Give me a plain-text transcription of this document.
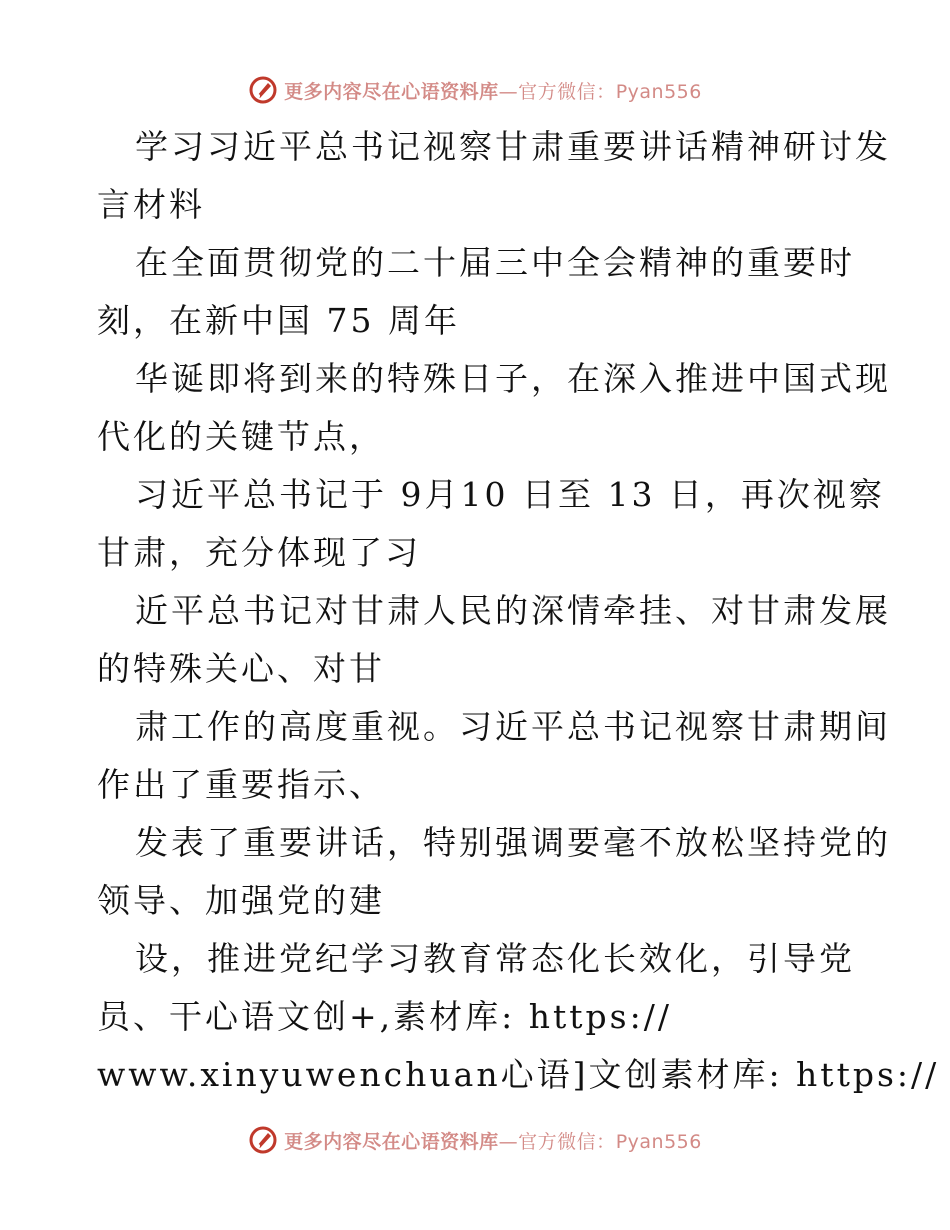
更多内容尽在心语资料库—官方微信：Pyan556
学习习近平总书记视察甘肃重要讲话精神研讨发
言材料
在全面贯彻党的二十届三中全会精神的重要时
刻，在新中国 75 周年
华诞即将到来的特殊日子，在深入推进中国式现
代化的关键节点，
习近平总书记于 9月10 日至 13 日，再次视察
甘肃，充分体现了习
近平总书记对甘肃人民的深情牵挂、对甘肃发展
的特殊关心、对甘
肃工作的高度重视。习近平总书记视察甘肃期间
作出了重要指示、
发表了重要讲话，特别强调要毫不放松坚持党的
领导、加强党的建
设，推进党纪学习教育常态化长效化，引导党
员、干心语文创+,素材库: https://
www.xinyuwenchuan心语]文创素材库: https://
更多内容尽在心语资料库—官方微信：Pyan556
